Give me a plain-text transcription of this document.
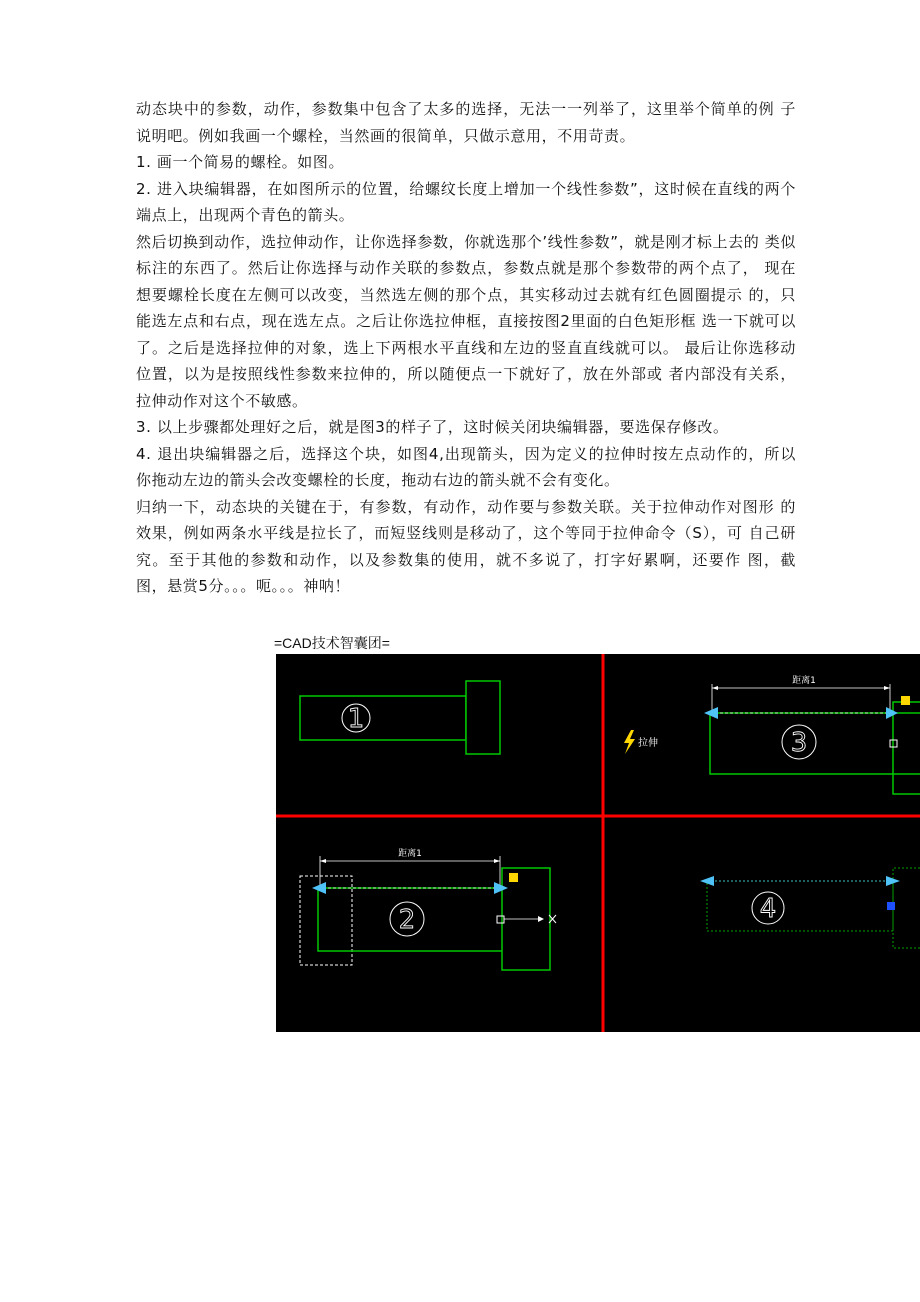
动态块中的参数，动作，参数集中包含了太多的选择，无法一一列举了，这里举个简单的例 子说明吧。例如我画一个螺栓，当然画的很简单，只做示意用，不用苛责。

1. 画一个简易的螺栓。如图。

2. 进入块编辑器，在如图所示的位置，给螺纹长度上增加一个线性参数”，这时候在直线的两个端点上，出现两个青色的箭头。

然后切换到动作，选拉伸动作，让你选择参数，你就选那个’线性参数”，就是刚才标上去的 类似标注的东西了。然后让你选择与动作关联的参数点，参数点就是那个参数带的两个点了， 现在想要螺栓长度在左侧可以改变，当然选左侧的那个点，其实移动过去就有红色圆圈提示 的，只能选左点和右点，现在选左点。之后让你选拉伸框，直接按图2里面的白色矩形框 选一下就可以了。之后是选择拉伸的对象，选上下两根水平直线和左边的竖直直线就可以。 最后让你选移动位置，以为是按照线性参数来拉伸的，所以随便点一下就好了，放在外部或 者内部没有关系，拉伸动作对这个不敏感。

3. 以上步骤都处理好之后，就是图3的样子了，这时候关闭块编辑器，要选保存修改。

4. 退出块编辑器之后，选择这个块，如图4,出现箭头，因为定义的拉伸时按左点动作的，所以你拖动左边的箭头会改变螺栓的长度，拖动右边的箭头就不会有变化。

归纳一下，动态块的关键在于，有参数，有动作，动作要与参数关联。关于拉伸动作对图形 的效果，例如两条水平线是拉长了，而短竖线则是移动了，这个等同于拉伸命令（S），可 自己研究。至于其他的参数和动作，以及参数集的使用，就不多说了，打字好累啊，还要作 图，截图，悬赏5分。。。呃。。。神呐！

=CAD技术智囊团=
1
拉伸
距离1
3
距离1
2	4
